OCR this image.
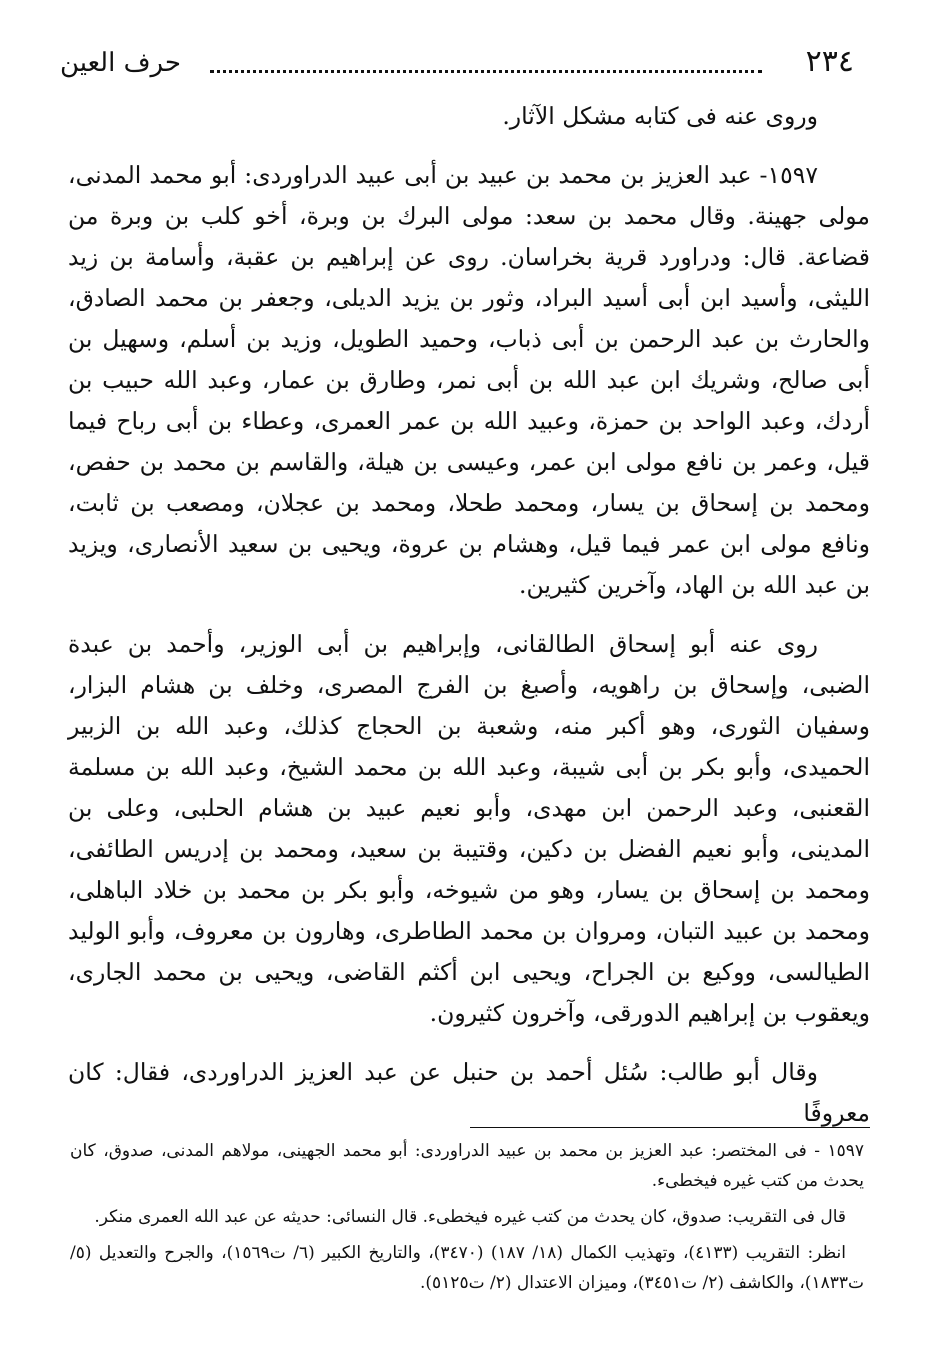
٢٣٤
حرف العين

وروى عنه فى كتابه مشكل الآثار.

١٥٩٧- عبد العزيز بن محمد بن عبيد بن أبى عبيد الدراوردى: أبو محمد المدنى، مولى جهينة. وقال محمد بن سعد: مولى البرك بن وبرة، أخو كلب بن وبرة من قضاعة. قال: ودراورد قرية بخراسان. روى عن إبراهيم بن عقبة، وأسامة بن زيد الليثى، وأسيد ابن أبى أسيد البراد، وثور بن يزيد الديلى، وجعفر بن محمد الصادق، والحارث بن عبد الرحمن بن أبى ذباب، وحميد الطويل، وزيد بن أسلم، وسهيل بن أبى صالح، وشريك ابن عبد الله بن أبى نمر، وطارق بن عمار، وعبد الله حبيب بن أردك، وعبد الواحد بن حمزة، وعبيد الله بن عمر العمرى، وعطاء بن أبى رباح فيما قيل، وعمر بن نافع مولى ابن عمر، وعيسى بن هيلة، والقاسم بن محمد بن حفص، ومحمد بن إسحاق بن يسار، ومحمد طحلا، ومحمد بن عجلان، ومصعب بن ثابت، ونافع مولى ابن عمر فيما قيل، وهشام بن عروة، ويحيى بن سعيد الأنصارى، ويزيد بن عبد الله بن الهاد، وآخرين كثيرين.

روى عنه أبو إسحاق الطالقانى، وإبراهيم بن أبى الوزير، وأحمد بن عبدة الضبى، وإسحاق بن راهويه، وأصبغ بن الفرج المصرى، وخلف بن هشام البزار، وسفيان الثورى، وهو أكبر منه، وشعبة بن الحجاج كذلك، وعبد الله بن الزبير الحميدى، وأبو بكر بن أبى شيبة، وعبد الله بن محمد الشيخ، وعبد الله بن مسلمة القعنبى، وعبد الرحمن ابن مهدى، وأبو نعيم عبيد بن هشام الحلبى، وعلى بن المدينى، وأبو نعيم الفضل بن دكين، وقتيبة بن سعيد، ومحمد بن إدريس الطائفى، ومحمد بن إسحاق بن يسار، وهو من شيوخه، وأبو بكر بن محمد بن خلاد الباهلى، ومحمد بن عبيد التبان، ومروان بن محمد الطاطرى، وهارون بن معروف، وأبو الوليد الطيالسى، ووكيع بن الجراح، ويحيى ابن أكثم القاضى، ويحيى بن محمد الجارى، ويعقوب بن إبراهيم الدورقى، وآخرون كثيرون.

وقال أبو طالب: سُئل أحمد بن حنبل عن عبد العزيز الدراوردى، فقال: كان معروفًا

١٥٩٧ - فى المختصر: عبد العزيز بن محمد بن عبيد الدراوردى: أبو محمد الجهينى، مولاهم المدنى، صدوق، كان يحدث من كتب غيره فيخطىء.

قال فى التقريب: صدوق، كان يحدث من كتب غيره فيخطىء. قال النسائى: حديثه عن عبد الله العمرى منكر.

انظر: التقريب (٤١٣٣)، وتهذيب الكمال (١٨/ ١٨٧) (٣٤٧٠)، والتاريخ الكبير (٦/ ت١٥٦٩)، والجرح والتعديل (٥/ ت١٨٣٣)، والكاشف (٢/ ت٣٤٥١)، وميزان الاعتدال (٢/ ت٥١٢٥).
